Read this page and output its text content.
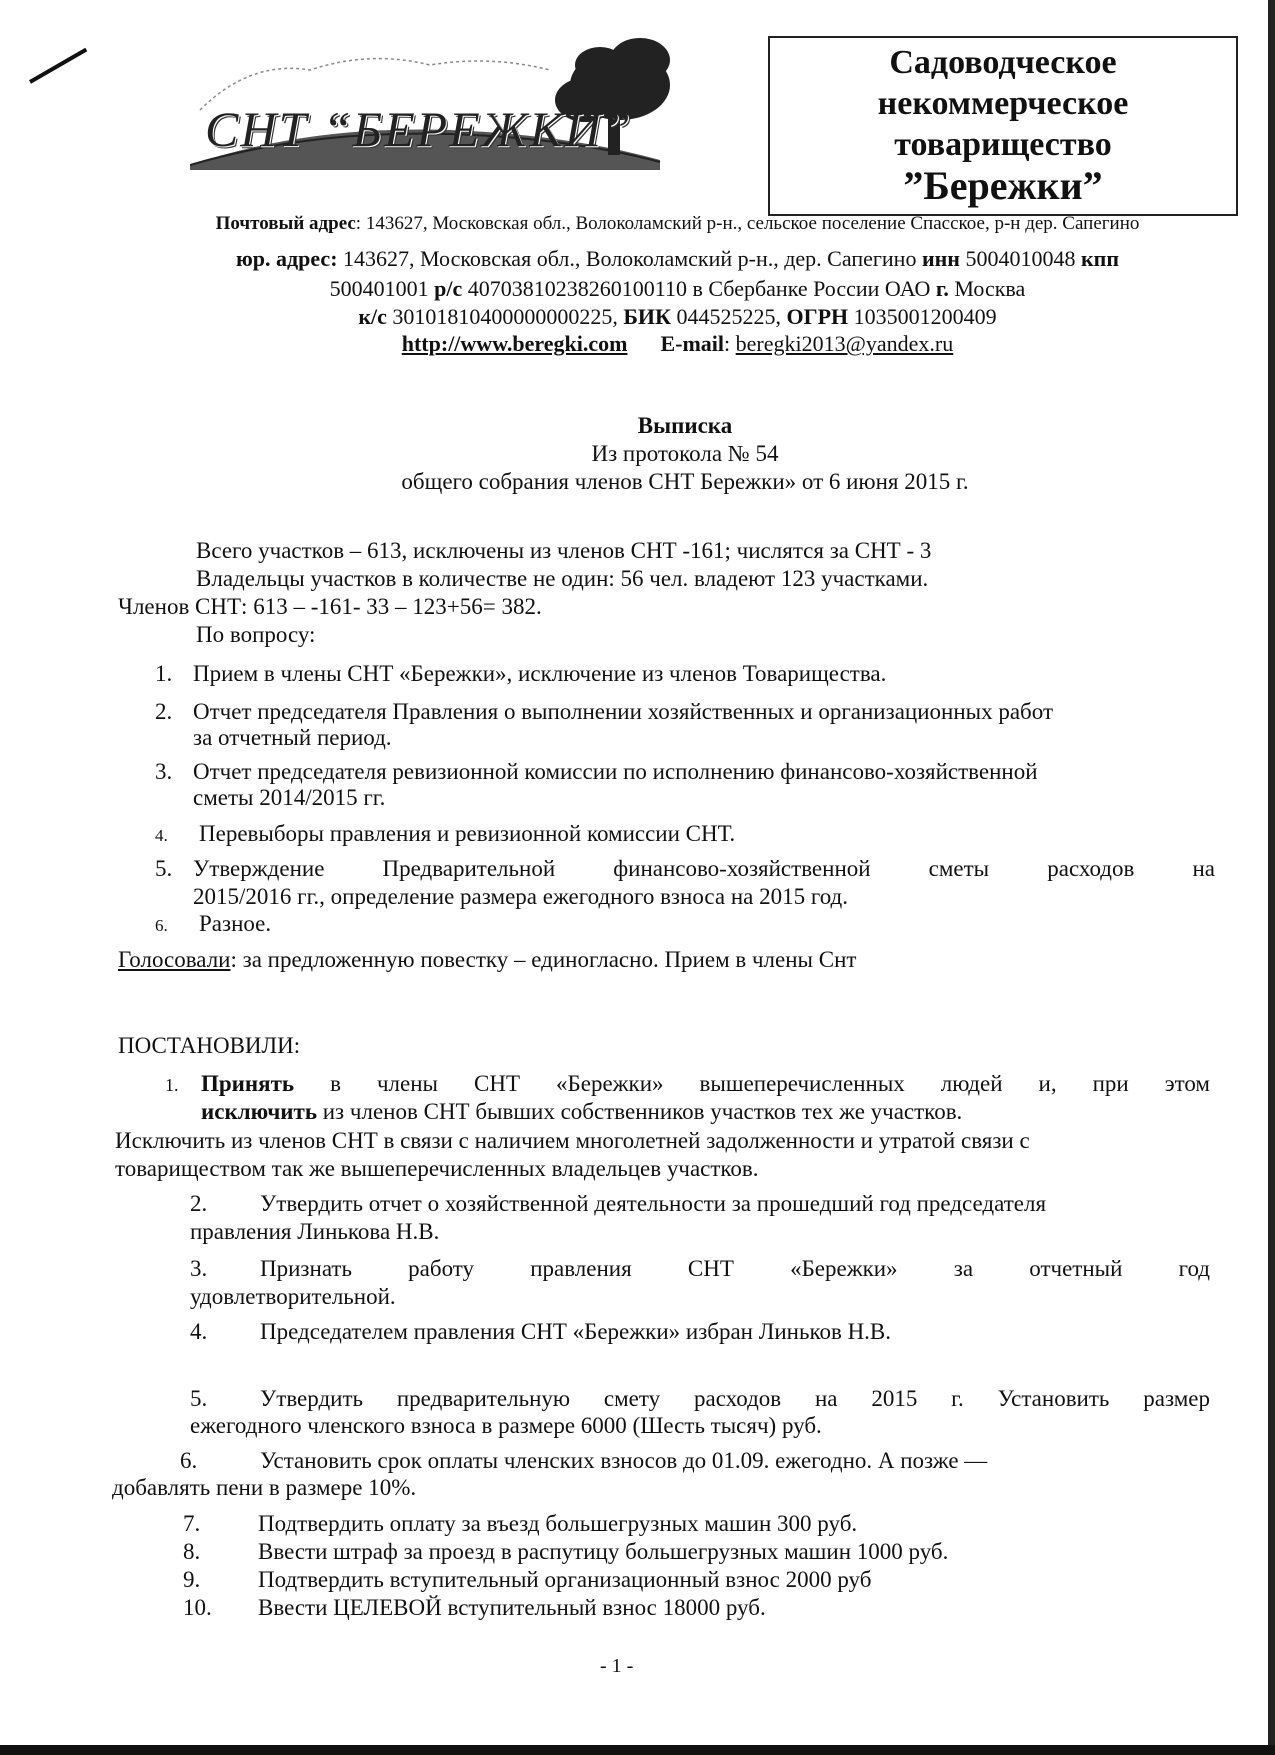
СНТ “БЕРЕЖКИ”
Садоводческое
некоммерческое
товарищество
”Бережки”
Почтовый адрес: 143627, Московская обл., Волоколамский р-н., сельское поселение Спасское, р-н дер. Сапегино
юр. адрес: 143627, Московская обл., Волоколамский р-н., дер. Сапегино инн 5004010048 кпп
500401001 р/с 40703810238260100110 в Сбербанке России ОАО г. Москва
к/с 30101810400000000225, БИК 044525225, ОГРН 1035001200409
http://www.beregki.com E-mail: beregki2013@yandex.ru
Выписка
Из протокола № 54
общего собрания членов СНТ Бережки» от 6 июня 2015 г.
Всего участков – 613, исключены из членов СНТ -161; числятся за СНТ - 3
Владельцы участков в количестве не один: 56 чел. владеют 123 участками.
Членов СНТ: 613 – -161- 33 – 123+56= 382.
По вопросу:
1. Прием в члены СНТ «Бережки», исключение из членов Товарищества.
2. Отчет председателя Правления о выполнении хозяйственных и организационных работ
за отчетный период.
3. Отчет председателя ревизионной комиссии по исполнению финансово-хозяйственной
сметы 2014/2015 гг.
4. Перевыборы правления и ревизионной комиссии СНТ.
5. Утверждение Предварительной финансово-хозяйственной сметы расходов на
2015/2016 гг., определение размера ежегодного взноса на 2015 год.
6. Разное.
Голосовали: за предложенную повестку – единогласно. Прием в члены Снт
ПОСТАНОВИЛИ:
1. Принять в члены СНТ «Бережки» вышеперечисленных людей и, при этом
исключить из членов СНТ бывших собственников участков тех же участков.
Исключить из членов СНТ в связи с наличием многолетней задолженности и утратой связи с
товариществом так же вышеперечисленных владельцев участков.
2. Утвердить отчет о хозяйственной деятельности за прошедший год председателя
правления Линькова Н.В.
3. Признать работу правления СНТ «Бережки» за отчетный год
удовлетворительной.
4. Председателем правления СНТ «Бережки» избран Линьков Н.В.
5. Утвердить предварительную смету расходов на 2015 г. Установить размер
ежегодного членского взноса в размере 6000 (Шесть тысяч) руб.
6.	Установить срок оплаты членских взносов до 01.09. ежегодно. А позже —
добавлять пени в размере 10%.
7.	Подтвердить оплату за въезд большегрузных машин 300 руб.
8.	Ввести штраф за проезд в распутицу большегрузных машин 1000 руб.
9.	Подтвердить вступительный организационный взнос 2000 руб
10. Ввести ЦЕЛЕВОЙ вступительный взнос 18000 руб.
- 1 -
